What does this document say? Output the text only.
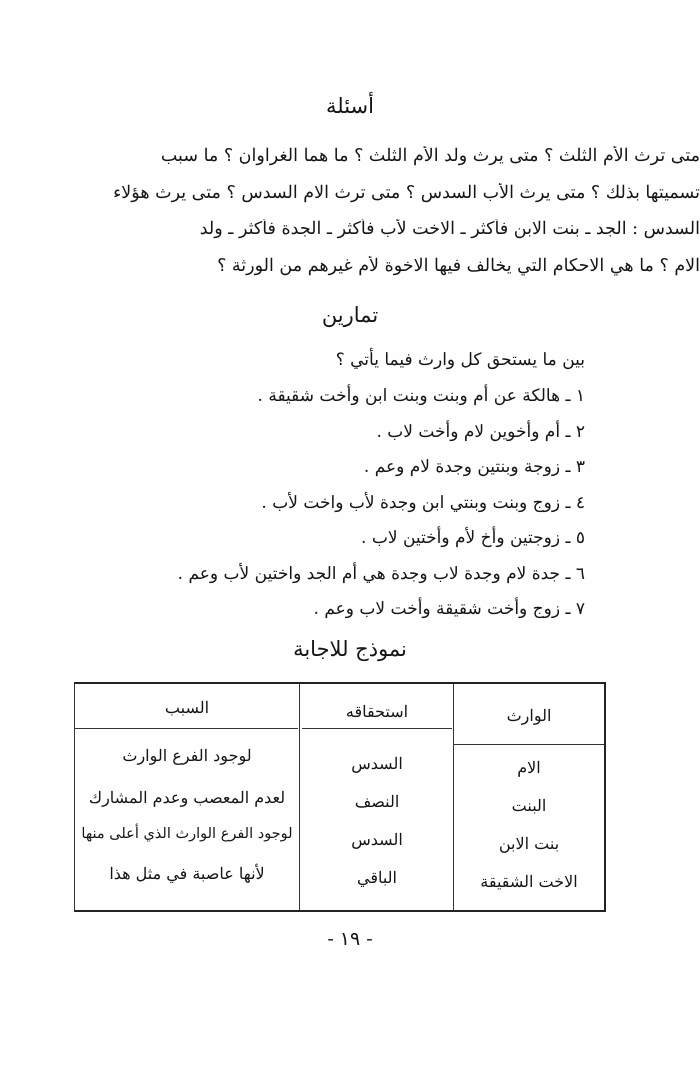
أسئلة
متى ترث الأم الثلث ؟ متى يرث ولد الأم الثلث ؟ ما هما الغراوان ؟ ما سبب
تسميتها بذلك ؟ متى يرث الأب السدس ؟ متى ترث الام السدس ؟ متى يرث هؤلاء
السدس : الجد ـ بنت الابن فأكثر ـ الاخت لأب فأكثر ـ الجدة فأكثر ـ ولد
الام ؟ ما هي الاحكام التي يخالف فيها الاخوة لأم غيرهم من الورثة ؟
تمارين
بين ما يستحق كل وارث فيما يأتي ؟
١ ـ هالكة عن أم وبنت وبنت ابن وأخت شقيقة .
٢ ـ أم وأخوين لام وأخت لاب .
٣ ـ زوجة وبنتين وجدة لام وعم .
٤ ـ زوج وبنت وبنتي ابن وجدة لأب واخت لأب .
٥ ـ زوجتين وأخ لأم وأختين لاب .
٦ ـ جدة لام وجدة لاب وجدة هي أم الجد واختين لأب وعم .
٧ ـ زوج وأخت شقيقة وأخت لاب وعم .
نموذج للاجابة
الوارث
استحقاقه
السبب
الام
السدس
لوجود الفرع الوارث
البنت
النصف
لعدم المعصب وعدم المشارك
بنت الابن
السدس
لوجود الفرع الوارث الذي أعلى منها
الاخت الشقيقة
الباقي
لأنها عاصبة في مثل هذا
- ١٩ -
